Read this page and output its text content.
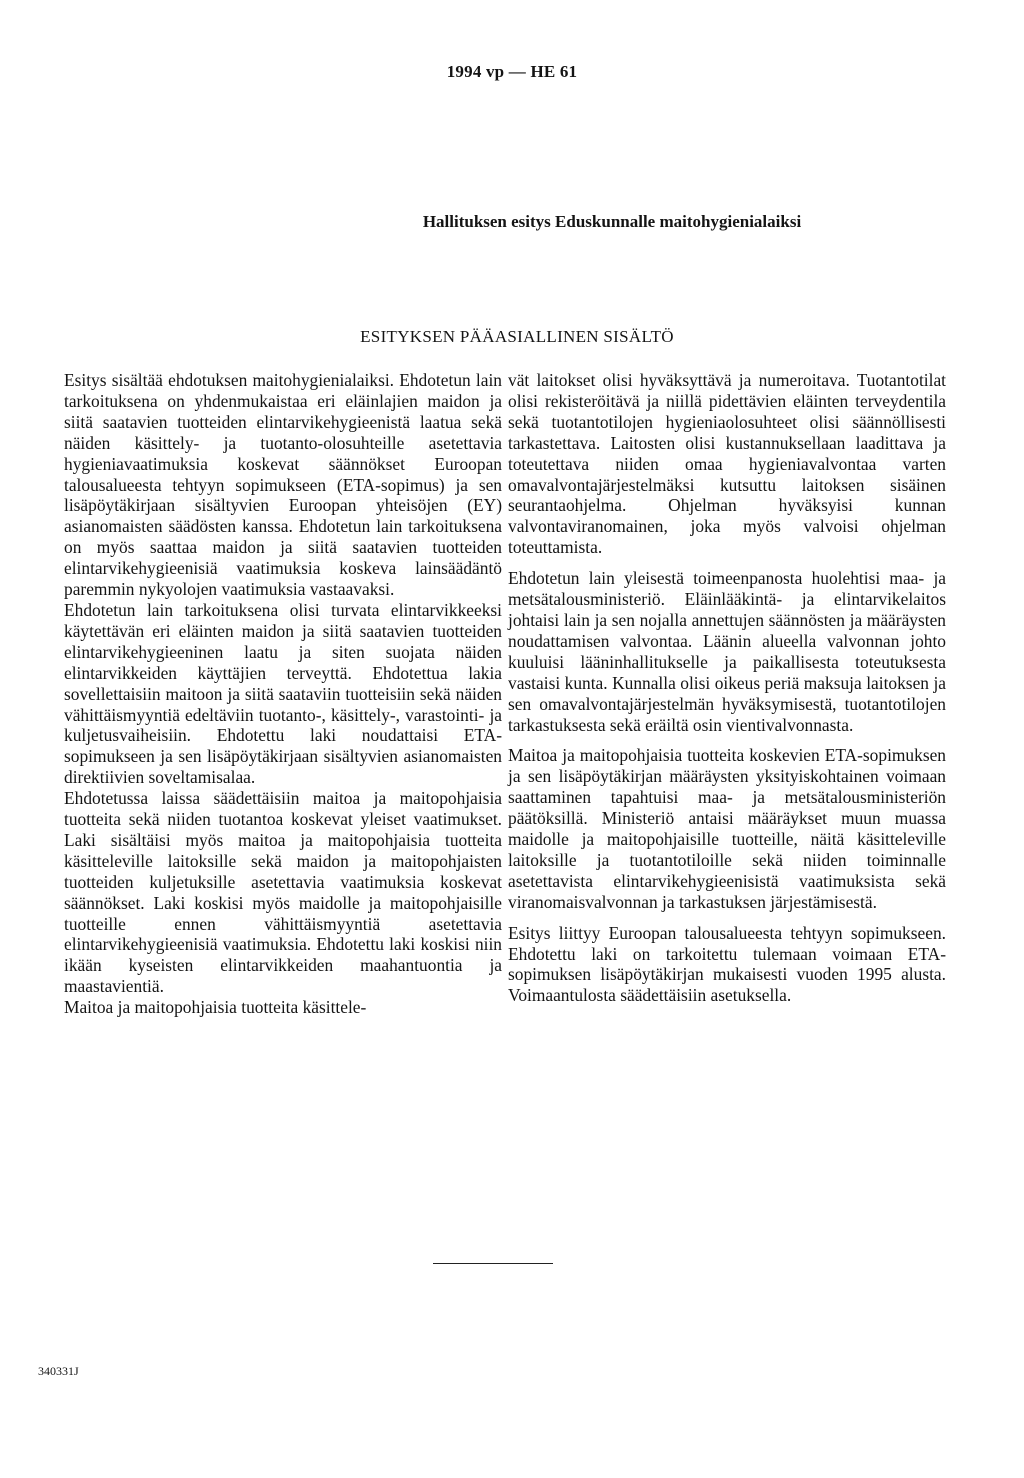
1994 vp — HE 61
Hallituksen esitys Eduskunnalle maitohygienialaiksi
ESITYKSEN PÄÄASIALLINEN SISÄLTÖ

Esitys sisältää ehdotuksen maitohygienialaiksi. Ehdotetun lain tarkoituksena on yhdenmukaistaa eri eläinlajien maidon ja siitä saatavien tuotteiden elintarvikehygieenistä laatua sekä näiden käsittely- ja tuotanto-olosuhteille asetettavia hygieniavaatimuksia koskevat säännökset Euroopan talousalueesta tehtyyn sopimukseen (ETA-sopimus) ja sen lisäpöytäkirjaan sisältyvien Euroopan yhteisöjen (EY) asianomaisten säädösten kanssa. Ehdotetun lain tarkoituksena on myös saattaa maidon ja siitä saatavien tuotteiden elintarvikehygieenisiä vaatimuksia koskeva lainsäädäntö paremmin nykyolojen vaatimuksia vastaavaksi.

Ehdotetun lain tarkoituksena olisi turvata elintarvikkeeksi käytettävän eri eläinten maidon ja siitä saatavien tuotteiden elintarvikehygieeninen laatu ja siten suojata näiden elintarvikkeiden käyttäjien terveyttä. Ehdotettua lakia sovellettaisiin maitoon ja siitä saataviin tuotteisiin sekä näiden vähittäismyyntiä edeltäviin tuotanto-, käsittely-, varastointi- ja kuljetusvaiheisiin. Ehdotettu laki noudattaisi ETA-sopimukseen ja sen lisäpöytäkirjaan sisältyvien asianomaisten direktiivien soveltamisalaa.

Ehdotetussa laissa säädettäisiin maitoa ja maitopohjaisia tuotteita sekä niiden tuotantoa koskevat yleiset vaatimukset. Laki sisältäisi myös maitoa ja maitopohjaisia tuotteita käsitteleville laitoksille sekä maidon ja maitopohjaisten tuotteiden kuljetuksille asetettavia vaatimuksia koskevat säännökset. Laki koskisi myös maidolle ja maitopohjaisille tuotteille ennen vähittäismyyntiä asetettavia elintarvikehygieenisiä vaatimuksia. Ehdotettu laki koskisi niin ikään kyseisten elintarvikkeiden maahantuontia ja maastavientiä.

Maitoa ja maitopohjaisia tuotteita käsittele-

vät laitokset olisi hyväksyttävä ja numeroitava. Tuotantotilat olisi rekisteröitävä ja niillä pidettävien eläinten terveydentila sekä tuotantotilojen hygieniaolosuhteet olisi säännöllisesti tarkastettava. Laitosten olisi kustannuksellaan laadittava ja toteutettava niiden omaa hygieniavalvontaa varten omavalvontajärjestelmäksi kutsuttu laitoksen sisäinen seurantaohjelma. Ohjelman hyväksyisi kunnan valvontaviranomainen, joka myös valvoisi ohjelman toteuttamista.

Ehdotetun lain yleisestä toimeenpanosta huolehtisi maa- ja metsätalousministeriö. Eläinlääkintä- ja elintarvikelaitos johtaisi lain ja sen nojalla annettujen säännösten ja määräysten noudattamisen valvontaa. Läänin alueella valvonnan johto kuuluisi lääninhallitukselle ja paikallisesta toteutuksesta vastaisi kunta. Kunnalla olisi oikeus periä maksuja laitoksen ja sen omavalvontajärjestelmän hyväksymisestä, tuotantotilojen tarkastuksesta sekä eräiltä osin vientivalvonnasta.

Maitoa ja maitopohjaisia tuotteita koskevien ETA-sopimuksen ja sen lisäpöytäkirjan määräysten yksityiskohtainen voimaan saattaminen tapahtuisi maa- ja metsätalousministeriön päätöksillä. Ministeriö antaisi määräykset muun muassa maidolle ja maitopohjaisille tuotteille, näitä käsitteleville laitoksille ja tuotantotiloille sekä niiden toiminnalle asetettavista elintarvikehygieenisistä vaatimuksista sekä viranomaisvalvonnan ja tarkastuksen järjestämisestä.

Esitys liittyy Euroopan talousalueesta tehtyyn sopimukseen. Ehdotettu laki on tarkoitettu tulemaan voimaan ETA-sopimuksen lisäpöytäkirjan mukaisesti vuoden 1995 alusta. Voimaantulosta säädettäisiin asetuksella.

340331J
